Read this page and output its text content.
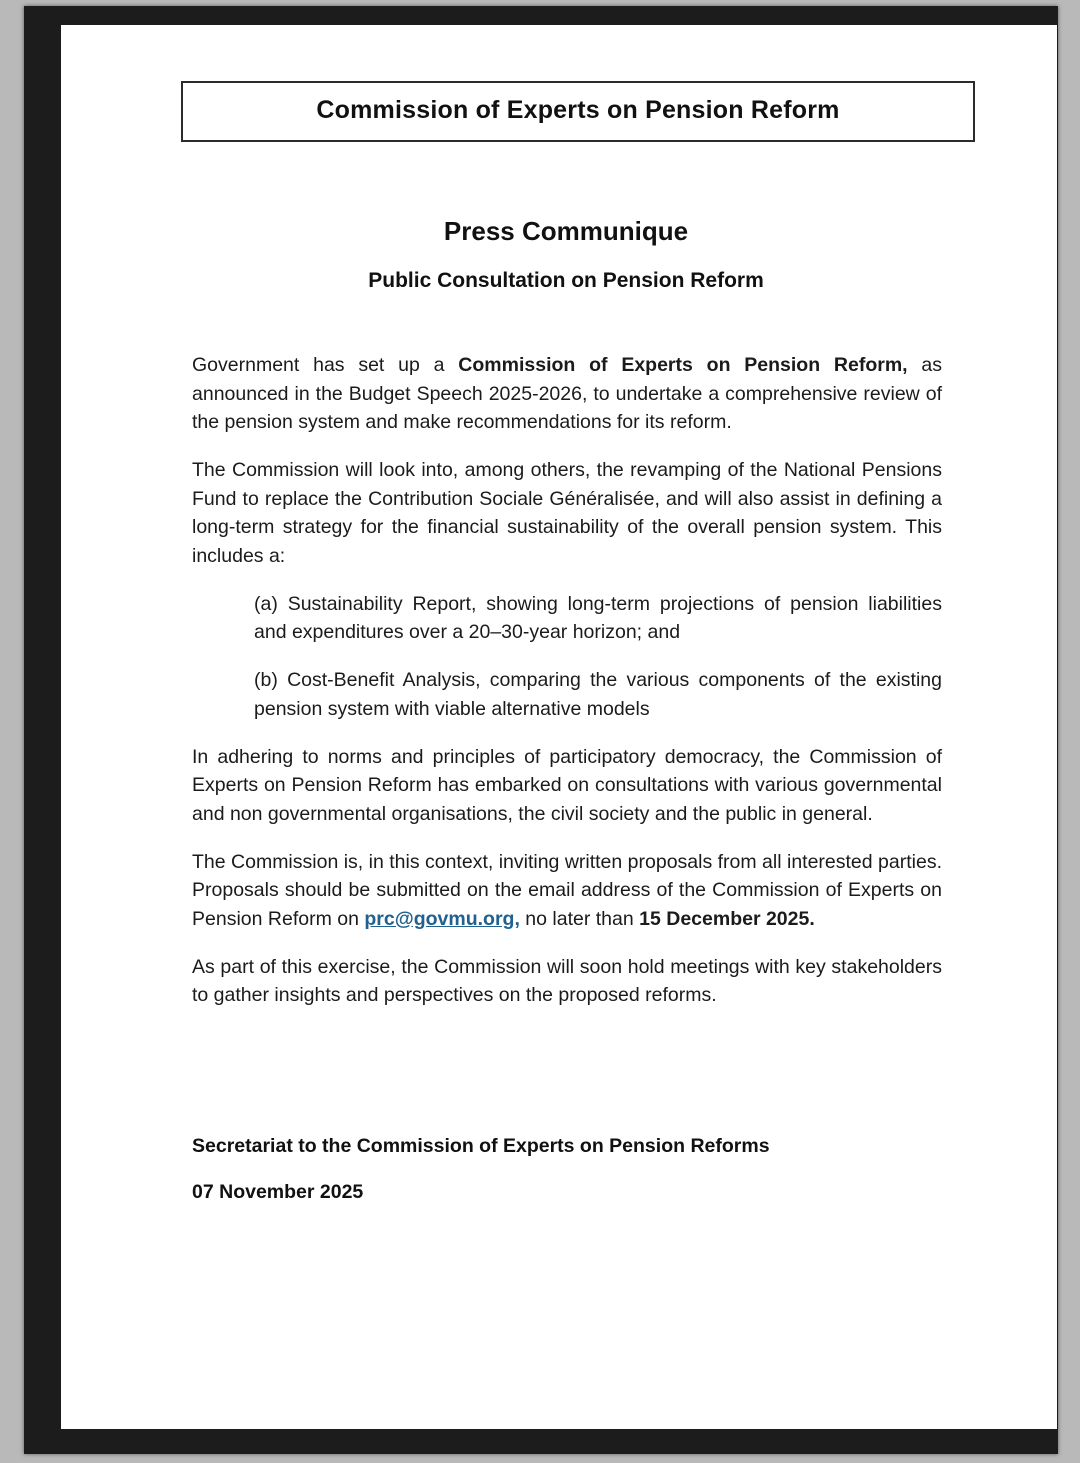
Commission of Experts on Pension Reform
Press Communique
Public Consultation on Pension Reform

Government has set up a Commission of Experts on Pension Reform, as announced in the Budget Speech 2025-2026, to undertake a comprehensive review of the pension system and make recommendations for its reform.

The Commission will look into, among others, the revamping of the National Pensions Fund to replace the Contribution Sociale Généralisée, and will also assist in defining a long-term strategy for the financial sustainability of the overall pension system. This includes a:

(a) Sustainability Report, showing long-term projections of pension liabilities and expenditures over a 20–30-year horizon; and

(b) Cost-Benefit Analysis, comparing the various components of the existing pension system with viable alternative models

In adhering to norms and principles of participatory democracy, the Commission of Experts on Pension Reform has embarked on consultations with various governmental and non governmental organisations, the civil society and the public in general.

The Commission is, in this context, inviting written proposals from all interested parties. Proposals should be submitted on the email address of the Commission of Experts on Pension Reform on prc@govmu.org, no later than 15 December 2025.

As part of this exercise, the Commission will soon hold meetings with key stakeholders to gather insights and perspectives on the proposed reforms.

Secretariat to the Commission of Experts on Pension Reforms
07 November 2025
